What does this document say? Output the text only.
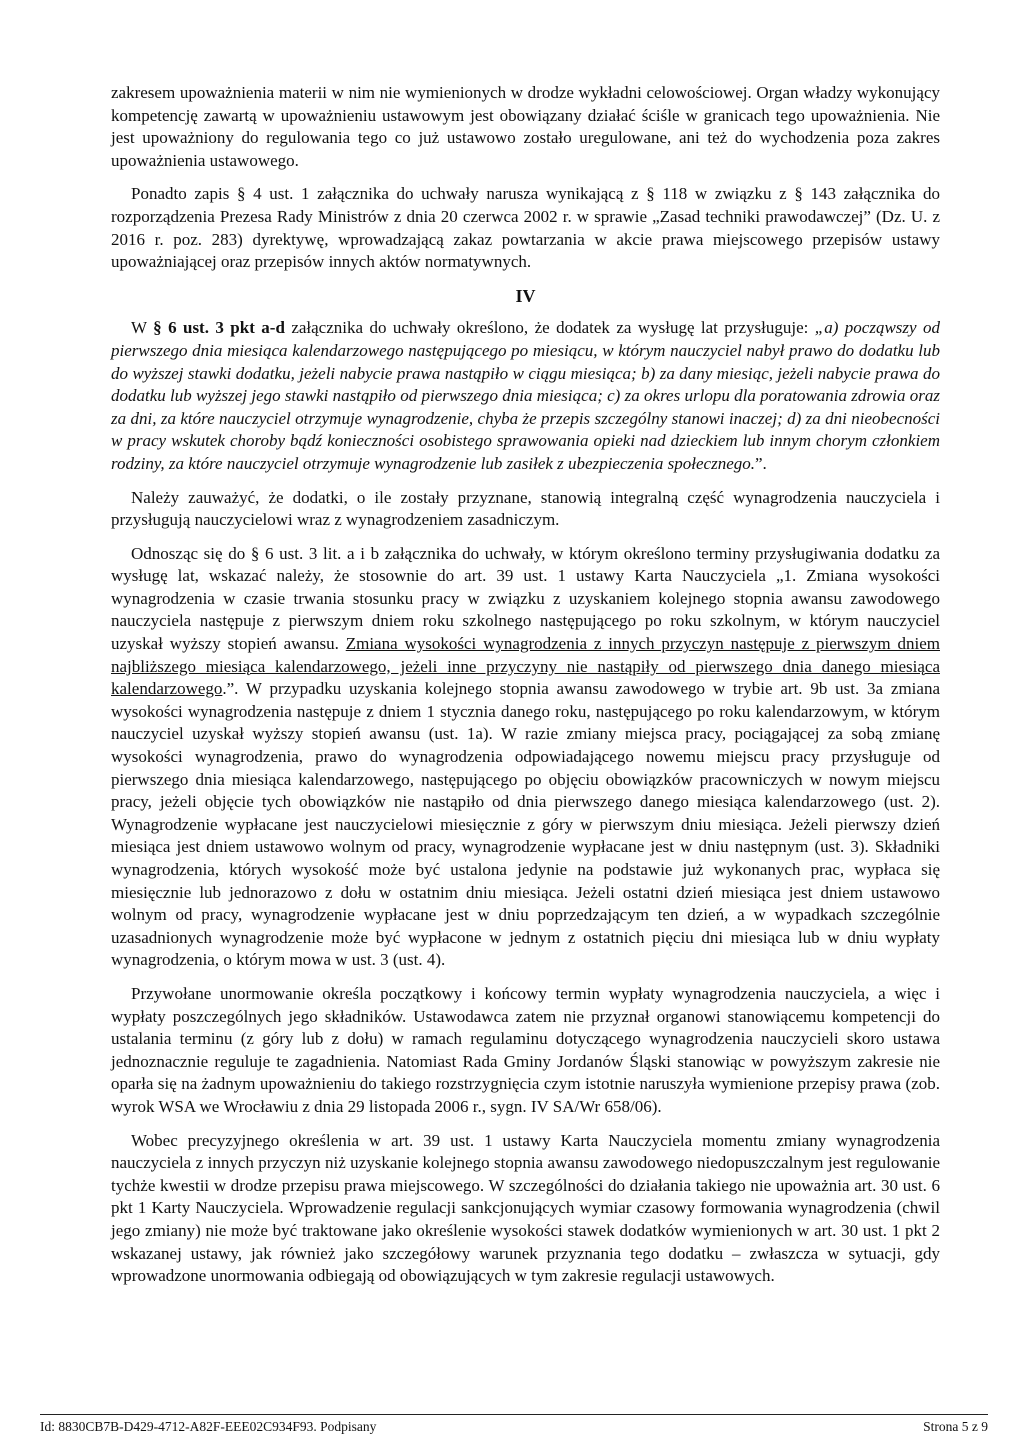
zakresem upoważnienia materii w nim nie wymienionych w drodze wykładni celowościowej. Organ władzy wykonujący kompetencję zawartą w upoważnieniu ustawowym jest obowiązany działać ściśle w granicach tego upoważnienia. Nie jest upoważniony do regulowania tego co już ustawowo zostało uregulowane, ani też do wychodzenia poza zakres upoważnienia ustawowego.

Ponadto zapis § 4 ust. 1 załącznika do uchwały narusza wynikającą z § 118 w związku z § 143 załącznika do rozporządzenia Prezesa Rady Ministrów z dnia 20 czerwca 2002 r. w sprawie „Zasad techniki prawodawczej” (Dz. U. z 2016 r. poz. 283) dyrektywę, wprowadzającą zakaz powtarzania w akcie prawa miejscowego przepisów ustawy upoważniającej oraz przepisów innych aktów normatywnych.

IV

W § 6 ust. 3 pkt a-d załącznika do uchwały określono, że dodatek za wysługę lat przysługuje: „a) począwszy od pierwszego dnia miesiąca kalendarzowego następującego po miesiącu, w którym nauczyciel nabył prawo do dodatku lub do wyższej stawki dodatku, jeżeli nabycie prawa nastąpiło w ciągu miesiąca; b) za dany miesiąc, jeżeli nabycie prawa do dodatku lub wyższej jego stawki nastąpiło od pierwszego dnia miesiąca; c) za okres urlopu dla poratowania zdrowia oraz za dni, za które nauczyciel otrzymuje wynagrodzenie, chyba że przepis szczególny stanowi inaczej; d) za dni nieobecności w pracy wskutek choroby bądź konieczności osobistego sprawowania opieki nad dzieckiem lub innym chorym członkiem rodziny, za które nauczyciel otrzymuje wynagrodzenie lub zasiłek z ubezpieczenia społecznego.”.

Należy zauważyć, że dodatki, o ile zostały przyznane, stanowią integralną część wynagrodzenia nauczyciela i przysługują nauczycielowi wraz z wynagrodzeniem zasadniczym.

Odnosząc się do § 6 ust. 3 lit. a i b załącznika do uchwały, w którym określono terminy przysługiwania dodatku za wysługę lat, wskazać należy, że stosownie do art. 39 ust. 1 ustawy Karta Nauczyciela „1. Zmiana wysokości wynagrodzenia w czasie trwania stosunku pracy w związku z uzyskaniem kolejnego stopnia awansu zawodowego nauczyciela następuje z pierwszym dniem roku szkolnego następującego po roku szkolnym, w którym nauczyciel uzyskał wyższy stopień awansu. Zmiana wysokości wynagrodzenia z innych przyczyn następuje z pierwszym dniem najbliższego miesiąca kalendarzowego, jeżeli inne przyczyny nie nastąpiły od pierwszego dnia danego miesiąca kalendarzowego.”. W przypadku uzyskania kolejnego stopnia awansu zawodowego w trybie art. 9b ust. 3a zmiana wysokości wynagrodzenia następuje z dniem 1 stycznia danego roku, następującego po roku kalendarzowym, w którym nauczyciel uzyskał wyższy stopień awansu (ust. 1a). W razie zmiany miejsca pracy, pociągającej za sobą zmianę wysokości wynagrodzenia, prawo do wynagrodzenia odpowiadającego nowemu miejscu pracy przysługuje od pierwszego dnia miesiąca kalendarzowego, następującego po objęciu obowiązków pracowniczych w nowym miejscu pracy, jeżeli objęcie tych obowiązków nie nastąpiło od dnia pierwszego danego miesiąca kalendarzowego (ust. 2). Wynagrodzenie wypłacane jest nauczycielowi miesięcznie z góry w pierwszym dniu miesiąca. Jeżeli pierwszy dzień miesiąca jest dniem ustawowo wolnym od pracy, wynagrodzenie wypłacane jest w dniu następnym (ust. 3). Składniki wynagrodzenia, których wysokość może być ustalona jedynie na podstawie już wykonanych prac, wypłaca się miesięcznie lub jednorazowo z dołu w ostatnim dniu miesiąca. Jeżeli ostatni dzień miesiąca jest dniem ustawowo wolnym od pracy, wynagrodzenie wypłacane jest w dniu poprzedzającym ten dzień, a w wypadkach szczególnie uzasadnionych wynagrodzenie może być wypłacone w jednym z ostatnich pięciu dni miesiąca lub w dniu wypłaty wynagrodzenia, o którym mowa w ust. 3 (ust. 4).

Przywołane unormowanie określa początkowy i końcowy termin wypłaty wynagrodzenia nauczyciela, a więc i wypłaty poszczególnych jego składników. Ustawodawca zatem nie przyznał organowi stanowiącemu kompetencji do ustalania terminu (z góry lub z dołu) w ramach regulaminu dotyczącego wynagrodzenia nauczycieli skoro ustawa jednoznacznie reguluje te zagadnienia. Natomiast Rada Gminy Jordanów Śląski stanowiąc w powyższym zakresie nie oparła się na żadnym upoważnieniu do takiego rozstrzygnięcia czym istotnie naruszyła wymienione przepisy prawa (zob. wyrok WSA we Wrocławiu z dnia 29 listopada 2006 r., sygn. IV SA/Wr 658/06).

Wobec precyzyjnego określenia w art. 39 ust. 1 ustawy Karta Nauczyciela momentu zmiany wynagrodzenia nauczyciela z innych przyczyn niż uzyskanie kolejnego stopnia awansu zawodowego niedopuszczalnym jest regulowanie tychże kwestii w drodze przepisu prawa miejscowego. W szczególności do działania takiego nie upoważnia art. 30 ust. 6 pkt 1 Karty Nauczyciela. Wprowadzenie regulacji sankcjonujących wymiar czasowy formowania wynagrodzenia (chwil jego zmiany) nie może być traktowane jako określenie wysokości stawek dodatków wymienionych w art. 30 ust. 1 pkt 2 wskazanej ustawy, jak również jako szczegółowy warunek przyznania tego dodatku – zwłaszcza w sytuacji, gdy wprowadzone unormowania odbiegają od obowiązujących w tym zakresie regulacji ustawowych.

Id: 8830CB7B-D429-4712-A82F-EEE02C934F93. Podpisany	Strona 5 z 9
